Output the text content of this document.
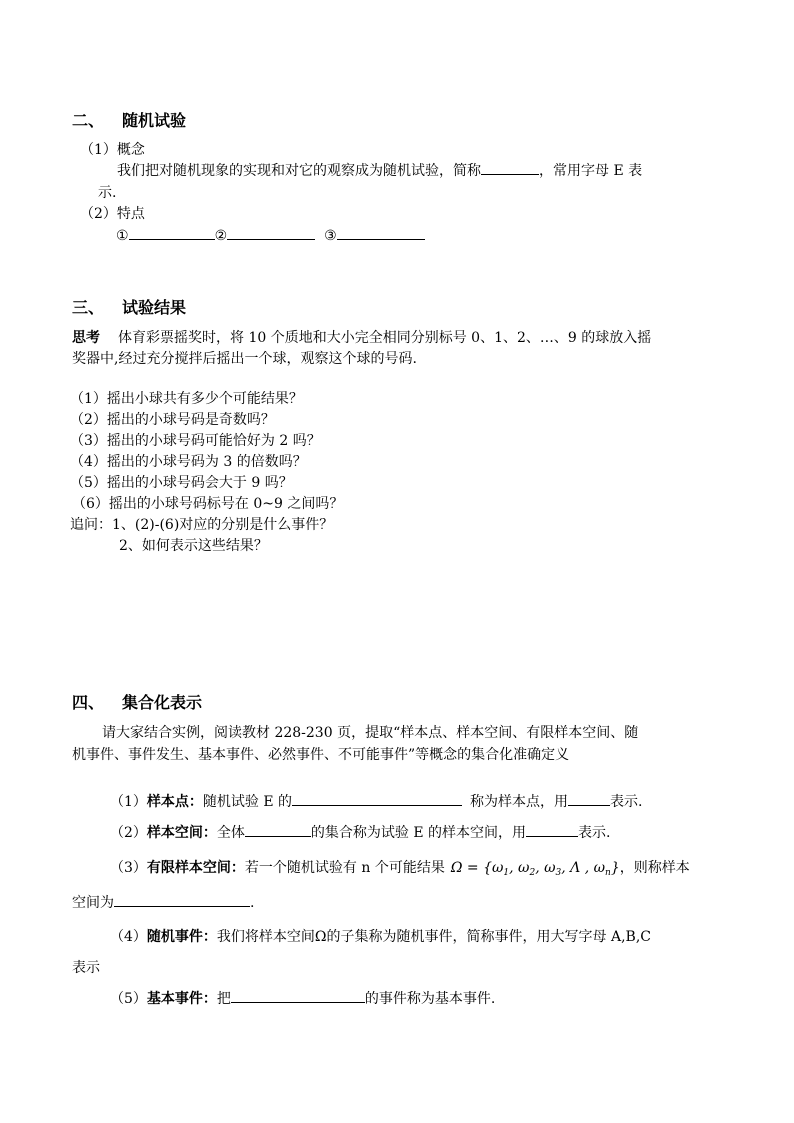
二、 随机试验
（1）概念
我们把对随机现象的实现和对它的观察成为随机试验，简称	，常用字母 E 表
示.
（2）特点
①	②	③
三、 试验结果
思考 体育彩票摇奖时，将 10 个质地和大小完全相同分别标号 0、1、2、…、9 的球放入摇
奖器中,经过充分搅拌后摇出一个球，观察这个球的号码.
（1）摇出小球共有多少个可能结果？
（2）摇出的小球号码是奇数吗？
（3）摇出的小球号码可能恰好为 2 吗？
（4）摇出的小球号码为 3 的倍数吗？
（5）摇出的小球号码会大于 9 吗？
（6）摇出的小球号码标号在 0~9 之间吗？
追问：1、(2)-(6)对应的分别是什么事件？
2、如何表示这些结果？
四、 集合化表示
请大家结合实例，阅读教材 228-230 页，提取“样本点、样本空间、有限样本空间、随
机事件、事件发生、基本事件、必然事件、不可能事件”等概念的集合化准确定义
（1）样本点：随机试验 E 的	称为样本点，用	表示.
（2）样本空间：全体	的集合称为试验 E 的样本空间，用	表示.
（3）有限样本空间：若一个随机试验有 n 个可能结果 $\Omega = \{\omega_1$, $\omega_2$, $\omega_3$, Λ , $\omega_n$}，则称样本
空间为	.
（4）随机事件：我们将样本空间Ω的子集称为随机事件，简称事件，用大写字母 A,B,C
表示
（5）基本事件：把	的事件称为基本事件.
